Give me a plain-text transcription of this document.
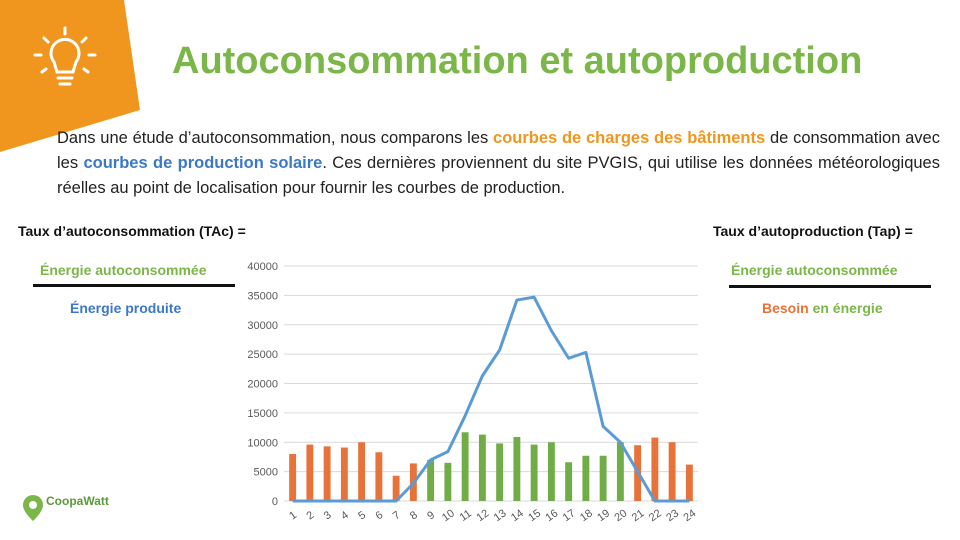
Autoconsommation et autoproduction
Dans une étude d’autoconsommation, nous comparons les courbes de charges des bâtiments de consommation avec les courbes de production solaire. Ces dernières proviennent du site PVGIS, qui utilise les données météorologiques réelles au point de localisation pour fournir les courbes de production.
Taux d’autoconsommation (TAc) =
Énergie autoconsommée
Énergie produite
Taux d’autoproduction (Tap) =
Énergie autoconsommée
Besoin en énergie
0
5000
10000
15000
20000
25000
30000
35000
40000
1 2 3 4 5 6 7 8 9 10 11 12 13 14 15 16 17 18 19 20 21 22 23 24
CoopaWatt
